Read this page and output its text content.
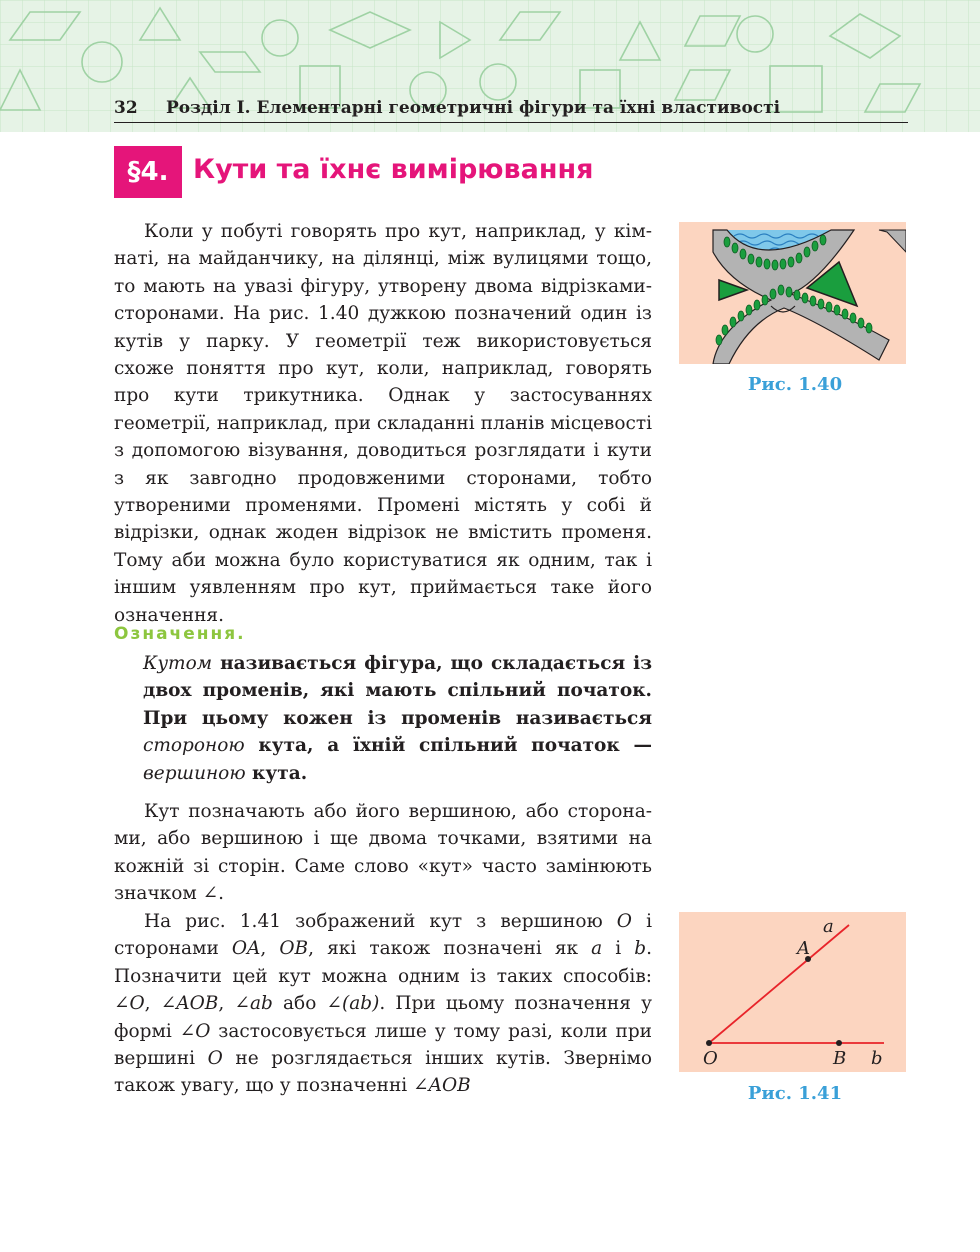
32 Розділ I. Елементарні геометричні фігури та їхні властивості
§4. Кути та їхнє вимірювання

Коли у побуті говорять про кут, наприклад, у кімнаті, на майданчику, на ділянці, між вулицями тощо, то мають на увазі фігуру, утворену двома відрізками-сторонами. На рис. 1.40 дужкою позначений один із кутів у парку. У геометрії теж використовується схоже поняття про кут, коли, наприклад, говорять про кути трикутника. Однак у застосуваннях геометрії, наприклад, при складанні планів місцевості з допомогою візування, доводиться розглядати і кути з як завгодно продовженими сторонами, тобто утвореними променями. Промені містять у собі й відрізки, однак жоден відрізок не вмістить променя. Тому аби можна було користуватися як одним, так і іншим уявленням про кут, приймається таке його означення.

Означення.

Кутом називається фігура, що складається із двох променів, які мають спільний початок. При цьому кожен із променів називається стороною кута, а їхній спільний початок — вершиною кута.

Кут позначають або його вершиною, або сторонами, або вершиною і ще двома точками, взятими на кожній зі сторін. Саме слово «кут» часто замінюють значком ∠.

На рис. 1.41 зображений кут з вершиною O і сторонами OA, OB, які також позначені як a і b. Позначити цей кут можна одним із таких способів: ∠O, ∠AOB, ∠ab або ∠(ab). При цьому позначення у формі ∠O застосовується лише у тому разі, коли при вершині O не розглядається інших кутів. Звернімо також увагу, що у позначенні ∠AOB

Рис. 1.40
a
A
O	B b
Рис. 1.41
